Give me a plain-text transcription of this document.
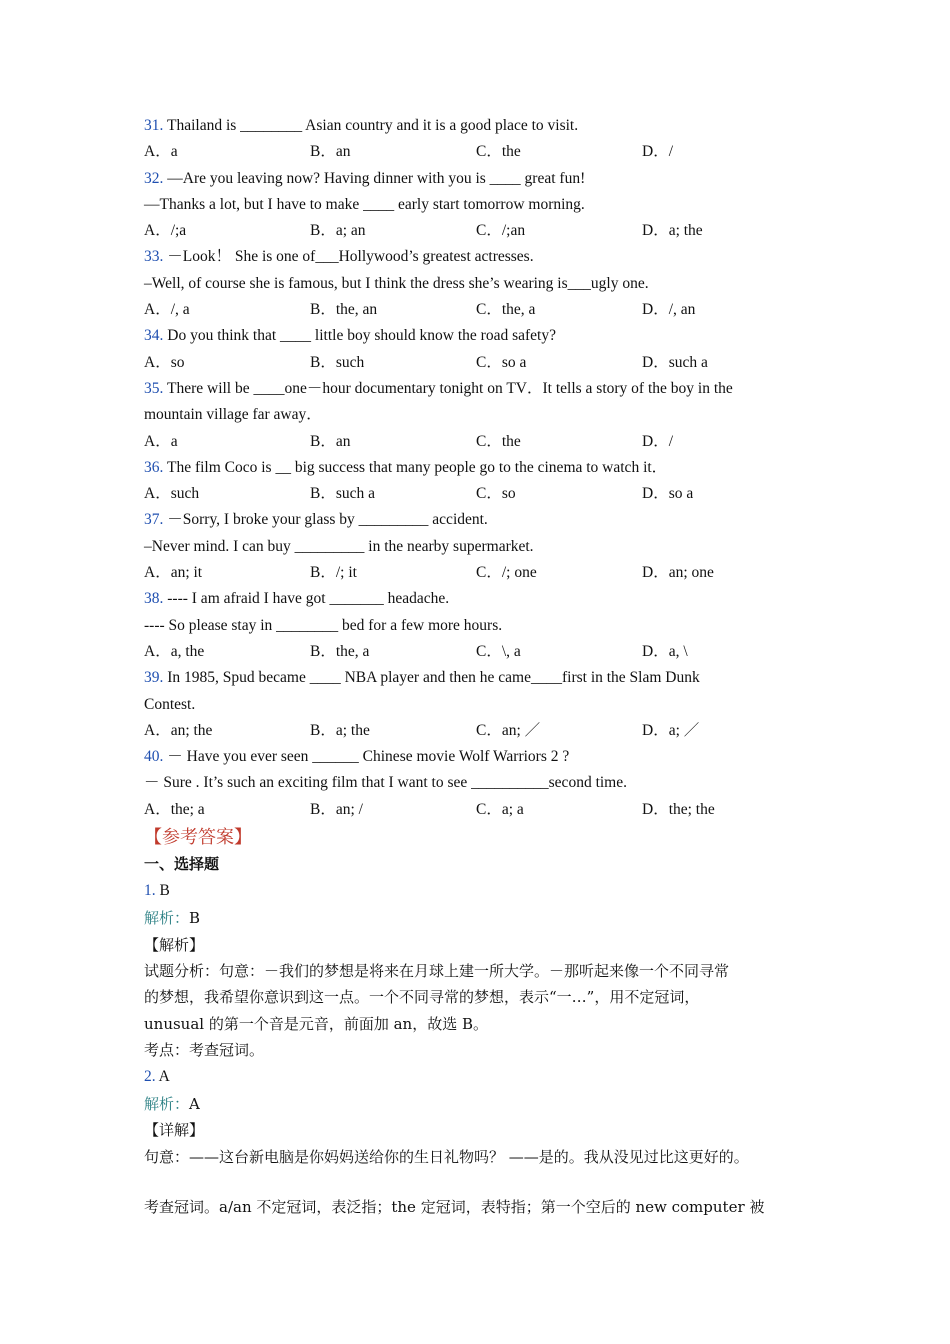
31. Thailand is ________ Asian country and it is a good place to visit.
A．a	B．an	C．the	D．/
32. —Are you leaving now? Having dinner with you is ____ great fun!
—Thanks a lot, but I have to make ____ early start tomorrow morning.
A．/;a	B．a; an	C．/;an	D．a; the
33. －Look！ She is one of___Hollywood’s greatest actresses.
–Well, of course she is famous, but I think the dress she’s wearing is___ugly one.
A．/, a	B．the, an	C．the, a	D．/, an
34. Do you think that ____ little boy should know the road safety?
A．so	B．such	C．so a	D．such a
35. There will be ____one－hour documentary tonight on TV．It tells a story of the boy in the
mountain village far away．
A．a	B．an	C．the	D．/
36. The film Coco is __ big success that many people go to the cinema to watch it．
A．such	B．such a	C．so	D．so a
37. －Sorry, I broke your glass by _________ accident.
–Never mind. I can buy _________ in the nearby supermarket.
A．an; it	B．/; it	C．/; one	D．an; one
38. ---- I am afraid I have got _______ headache.
---- So please stay in ________ bed for a few more hours.
A．a, the	B．the, a	C．\, a	D．a, \
39. In 1985, Spud became ____ NBA player and then he came____first in the Slam Dunk
Contest.
A．an; the	B．a; the	C．an; ／	D．a; ／
40. － Have you ever seen ______ Chinese movie Wolf Warriors 2 ?
－ Sure . It’s such an exciting film that I want to see __________second time.
A．the; a	B．an; /	C．a; a	D．the; the
【参考答案】
一、选择题
1. B
解析：B
【解析】
试题分析：句意：－我们的梦想是将来在月球上建一所大学。－那听起来像一个不同寻常
的梦想，我希望你意识到这一点。一个不同寻常的梦想，表示“一…”，用不定冠词，
unusual 的第一个音是元音，前面加 an，故选 B。
考点：考查冠词。
2. A
解析：A
【详解】
句意：——这台新电脑是你妈妈送给你的生日礼物吗？ ——是的。我从没见过比这更好的。
考查冠词。a/an 不定冠词，表泛指；the 定冠词，表特指；第一个空后的 new computer 被
